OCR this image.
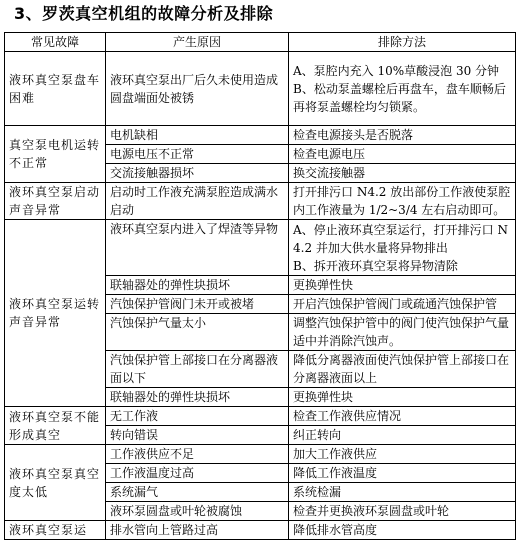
3、罗茨真空机组的故障分析及排除
常见故障	产生原因	排除方法
液环真空泵盘车困难	液环真空泵出厂后久未使用造成圆盘端面处被锈	A、泵腔内充入 10%草酸浸泡 30 分钟
B、松动泵盖螺栓后再盘车，盘车顺畅后再将泵盖螺栓均匀锁紧。

真空泵电机运转不正常	电机缺相	检查电源接头是否脱落
	电源电压不正常	检查电源电压
	交流接触器损坏	换交流接触器
液环真空泵启动声音异常	启动时工作液充满泵腔造成满水启动	打开排污口 N4.2 放出部份工作液使泵腔内工作液量为 1/2~3/4 左右启动即可。
液环真空泵运转声音异常	液环真空泵内进入了焊渣等异物	A、停止液环真空泵运行，打开排污口 N4.2 并加大供水量将异物排出
B、拆开液环真空泵将异物清除

	联轴器处的弹性块损坏	更换弹性快
	汽蚀保护管阀门未开或被堵	开启汽蚀保护管阀门或疏通汽蚀保护管
	汽蚀保护气量太小	调整汽蚀保护管中的阀门使汽蚀保护气量适中并消除汽蚀声。
	汽蚀保护管上部接口在分离器液面以下	降低分离器液面使汽蚀保护管上部接口在分离器液面以上
	联轴器处的弹性块损坏	更换弹性块
液环真空泵不能形成真空	无工作液	检查工作液供应情况
	转向错误	纠正转向
液环真空泵真空度太低	工作液供应不足	加大工作液供应
	工作液温度过高	降低工作液温度
	系统漏气	系统检漏
	液环泵圆盘或叶轮被腐蚀	检查并更换液环泵圆盘或叶轮
液环真空泵运	排水管向上管路过高	降低排水管高度
